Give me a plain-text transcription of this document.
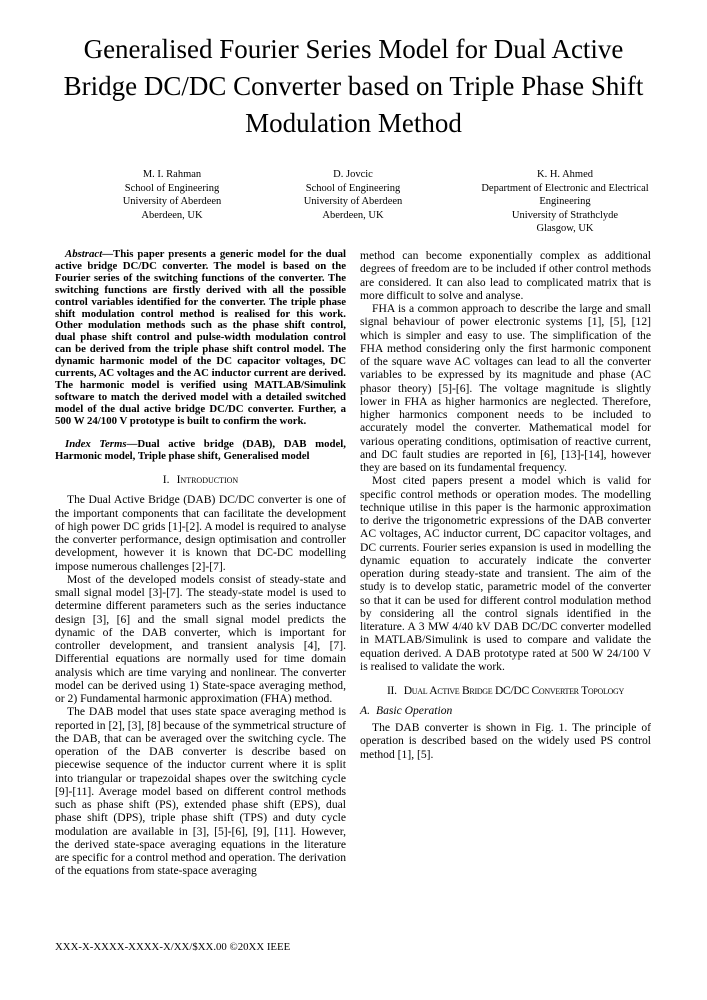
Generalised Fourier Series Model for Dual Active Bridge DC/DC Converter based on Triple Phase Shift Modulation Method
M. I. Rahman
School of Engineering
University of Aberdeen
Aberdeen, UK
D. Jovcic
School of Engineering
University of Aberdeen
Aberdeen, UK
K. H. Ahmed
Department of Electronic and Electrical Engineering
University of Strathclyde
Glasgow, UK

Abstract—This paper presents a generic model for the dual active bridge DC/DC converter. The model is based on the Fourier series of the switching functions of the converter. The switching functions are firstly derived with all the possible control variables identified for the converter. The triple phase shift modulation control method is realised for this work. Other modulation methods such as the phase shift control, dual phase shift control and pulse-width modulation control can be derived from the triple phase shift control model. The dynamic harmonic model of the DC capacitor voltages, DC currents, AC voltages and the AC inductor current are derived. The harmonic model is verified using MATLAB/Simulink software to match the derived model with a detailed switched model of the dual active bridge DC/DC converter. Further, a 500 W 24/100 V prototype is built to confirm the work.

Index Terms—Dual active bridge (DAB), DAB model, Harmonic model, Triple phase shift, Generalised model

I. Introduction

The Dual Active Bridge (DAB) DC/DC converter is one of the important components that can facilitate the development of high power DC grids [1]-[2]. A model is required to analyse the converter performance, design optimisation and controller development, however it is known that DC-DC modelling impose numerous challenges [2]-[7].

Most of the developed models consist of steady-state and small signal model [3]-[7]. The steady-state model is used to determine different parameters such as the series inductance design [3], [6] and the small signal model predicts the dynamic of the DAB converter, which is important for controller development, and transient analysis [4], [7]. Differential equations are normally used for time domain analysis which are time varying and nonlinear. The converter model can be derived using 1) State-space averaging method, or 2) Fundamental harmonic approximation (FHA) method.

The DAB model that uses state space averaging method is reported in [2], [3], [8] because of the symmetrical structure of the DAB, that can be averaged over the switching cycle. The operation of the DAB converter is describe based on piecewise sequence of the inductor current where it is split into triangular or trapezoidal shapes over the switching cycle [9]-[11]. Average model based on different control methods such as phase shift (PS), extended phase shift (EPS), dual phase shift (DPS), triple phase shift (TPS) and duty cycle modulation are available in [3], [5]-[6], [9], [11]. However, the derived state-space averaging equations in the literature are specific for a control method and operation. The derivation of the equations from state-space averaging

method can become exponentially complex as additional degrees of freedom are to be included if other control methods are considered. It can also lead to complicated matrix that is more difficult to solve and analyse.

FHA is a common approach to describe the large and small signal behaviour of power electronic systems [1], [5], [12] which is simpler and easy to use. The simplification of the FHA method considering only the first harmonic component of the square wave AC voltages can lead to all the converter variables to be expressed by its magnitude and phase (AC phasor theory) [5]-[6]. The voltage magnitude is slightly lower in FHA as higher harmonics are neglected. Therefore, higher harmonics component needs to be included to accurately model the converter. Mathematical model for various operating conditions, optimisation of reactive current, and DC fault studies are reported in [6], [13]-[14], however they are based on its fundamental frequency.

Most cited papers present a model which is valid for specific control methods or operation modes. The modelling technique utilise in this paper is the harmonic approximation to derive the trigonometric expressions of the DAB converter AC voltages, AC inductor current, DC capacitor voltages, and DC currents. Fourier series expansion is used in modelling the dynamic equation to accurately indicate the converter operation during steady-state and transient. The aim of the study is to develop static, parametric model of the converter so that it can be used for different control modulation method by considering all the control signals identified in the literature. A 3 MW 4/40 kV DAB DC/DC converter modelled in MATLAB/Simulink is used to compare and validate the equation derived. A DAB prototype rated at 500 W 24/100 V is realised to validate the work.

II. Dual Active Bridge DC/DC Converter Topology
A. Basic Operation

The DAB converter is shown in Fig. 1. The principle of operation is described based on the widely used PS control method [1], [5].

XXX-X-XXXX-XXXX-X/XX/$XX.00 ©20XX IEEE
